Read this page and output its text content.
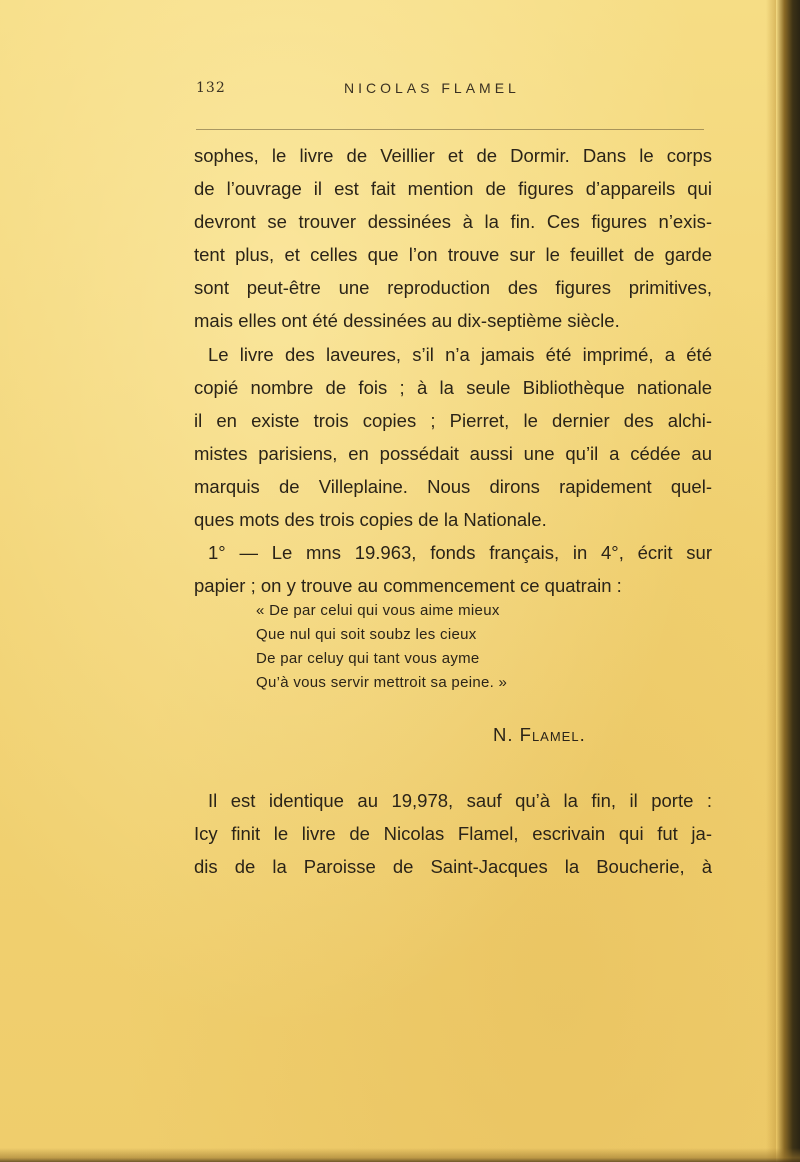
132	NICOLAS FLAMEL

sophes, le livre de Veillier et de Dormir. Dans le corps
de l’ouvrage il est fait mention de figures d’appareils qui
devront se trouver dessinées à la fin. Ces figures n’exis-
tent plus, et celles que l’on trouve sur le feuillet de garde
sont peut-être une reproduction des figures primitives,
mais elles ont été dessinées au dix-septième siècle.

Le livre des laveures, s’il n’a jamais été imprimé, a été
copié nombre de fois ; à la seule Bibliothèque nationale
il en existe trois copies ; Pierret, le dernier des alchi-
mistes parisiens, en possédait aussi une qu’il a cédée au
marquis de Villeplaine. Nous dirons rapidement quel-
ques mots des trois copies de la Nationale.

1° — Le mns 19.963, fonds français, in 4°, écrit sur
papier ; on y trouve au commencement ce quatrain :

« De par celui qui vous aime mieux
Que nul qui soit soubz les cieux
De par celuy qui tant vous ayme
Qu’à vous servir mettroit sa peine. »
N. Flamel.

Il est identique au 19,978, sauf qu’à la fin, il porte :
Icy finit le livre de Nicolas Flamel, escrivain qui fut ja-
dis de la Paroisse de Saint-Jacques la Boucherie, à
